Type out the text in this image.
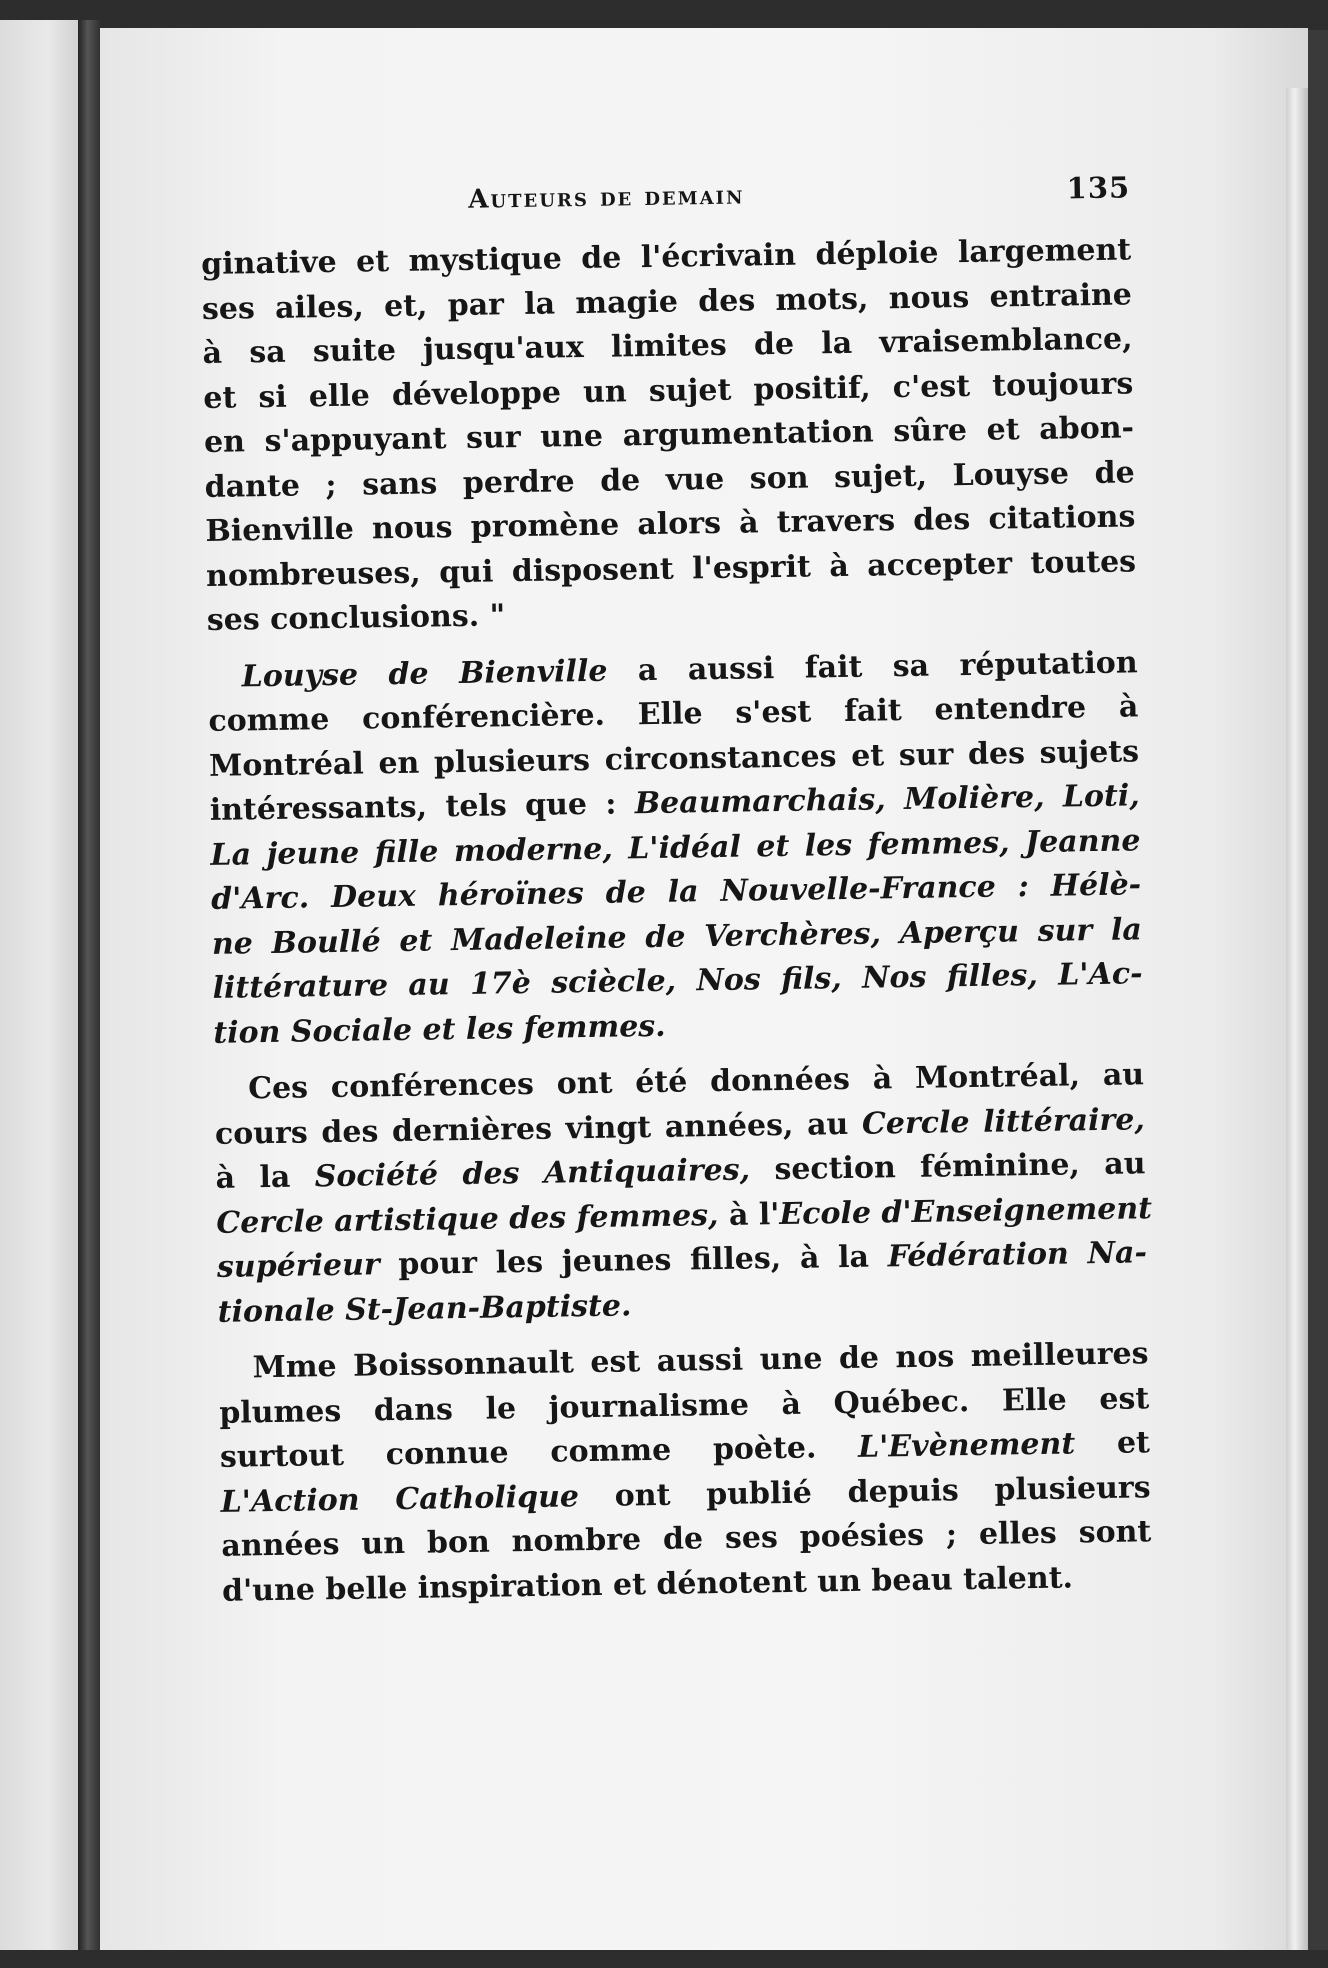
Auteurs de demain	135

ginative et mystique de l'écrivain déploie largement
ses ailes, et, par la magie des mots, nous entraine
à sa suite jusqu'aux limites de la vraisemblance,
et si elle développe un sujet positif, c'est toujours
en s'appuyant sur une argumentation sûre et abon-
dante ; sans perdre de vue son sujet, Louyse de
Bienville nous promène alors à travers des citations
nombreuses, qui disposent l'esprit à accepter toutes
ses conclusions. "

Louyse de Bienville a aussi fait sa réputation
comme conférencière. Elle s'est fait entendre à
Montréal en plusieurs circonstances et sur des sujets
intéressants, tels que : Beaumarchais, Molière, Loti,
La jeune fille moderne, L'idéal et les femmes, Jeanne
d'Arc. Deux héroïnes de la Nouvelle-France : Hélè-
ne Boullé et Madeleine de Verchères, Aperçu sur la
littérature au 17è sciècle, Nos fils, Nos filles, L'Ac-
tion Sociale et les femmes.

Ces conférences ont été données à Montréal, au
cours des dernières vingt années, au Cercle littéraire,
à la Société des Antiquaires, section féminine, au
Cercle artistique des femmes, à l'Ecole d'Enseignement
supérieur pour les jeunes filles, à la Fédération Na-
tionale St-Jean-Baptiste.

Mme Boissonnault est aussi une de nos meilleures
plumes dans le journalisme à Québec. Elle est
surtout connue comme poète. L'Evènement et
L'Action Catholique ont publié depuis plusieurs
années un bon nombre de ses poésies ; elles sont
d'une belle inspiration et dénotent un beau talent.
